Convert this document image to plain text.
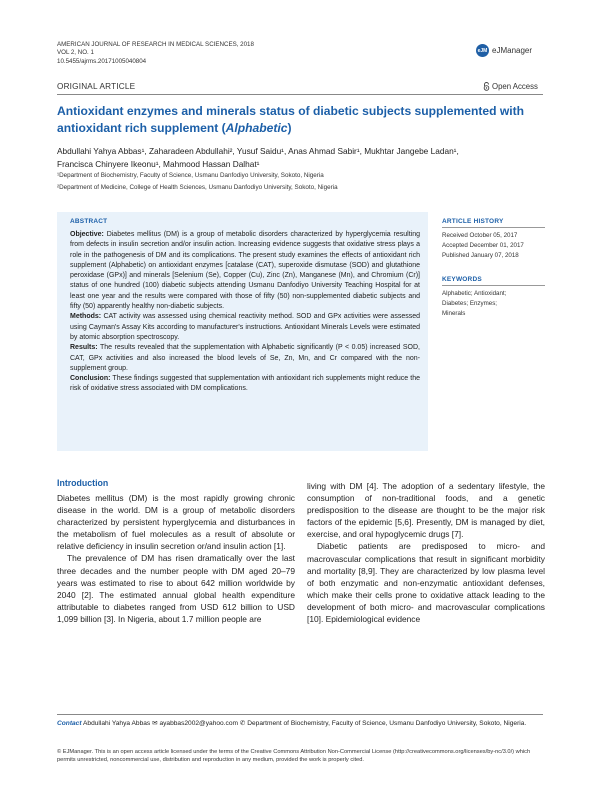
AMERICAN JOURNAL OF RESEARCH IN MEDICAL SCIENCES, 2018
VOL 2, NO. 1
10.5455/ajrms.20171005040804
eJM eJManager
ORIGINAL ARTICLE	Open Access
Antioxidant enzymes and minerals status of diabetic subjects supplemented with antioxidant rich supplement (Alphabetic)
Abdullahi Yahya Abbas¹, Zaharadeen Abdullahi², Yusuf Saidu¹, Anas Ahmad Sabir¹, Mukhtar Jangebe Ladan¹,
Francisca Chinyere Ikeonu¹, Mahmood Hassan Dalhat¹
¹Department of Biochemistry, Faculty of Science, Usmanu Danfodiyo University, Sokoto, Nigeria
²Department of Medicine, College of Health Sciences, Usmanu Danfodiyo University, Sokoto, Nigeria
ABSTRACT

Objective: Diabetes mellitus (DM) is a group of metabolic disorders characterized by hyperglycemia resulting from defects in insulin secretion and/or insulin action. Increasing evidence suggests that oxidative stress plays a role in the pathogenesis of DM and its complications. The present study examines the effects of antioxidant rich supplement (Alphabetic) on antioxidant enzymes [catalase (CAT), superoxide dismutase (SOD) and glutathione peroxidase (GPx)] and minerals [Selenium (Se), Copper (Cu), Zinc (Zn), Manganese (Mn), and Chromium (Cr)] status of one hundred (100) diabetic subjects attending Usmanu Danfodiyo University Teaching Hospital for at least one year and the results were compared with those of fifty (50) non-supplemented diabetic subjects and fifty (50) apparently healthy non-diabetic subjects.

Methods: CAT activity was assessed using chemical reactivity method. SOD and GPx activities were assessed using Cayman's Assay Kits according to manufacturer's instructions. Antioxidant Minerals Levels were estimated by atomic absorption spectroscopy.

Results: The results revealed that the supplementation with Alphabetic significantly (P < 0.05) increased SOD, CAT, GPx activities and also increased the blood levels of Se, Zn, Mn, and Cr compared with the non-supplement group.

Conclusion: These findings suggested that supplementation with antioxidant rich supplements might reduce the risk of oxidative stress associated with DM complications.

ARTICLE HISTORY
Received October 05, 2017
Accepted December 01, 2017
Published January 07, 2018
KEYWORDS
Alphabetic; Antioxidant;
Diabetes; Enzymes;
Minerals
Introduction

Diabetes mellitus (DM) is the most rapidly growing chronic disease in the world. DM is a group of metabolic disorders characterized by persistent hyperglycemia and disturbances in the metabolism of fuel molecules as a result of absolute or relative deficiency in insulin secretion or/and insulin action [1].

The prevalence of DM has risen dramatically over the last three decades and the number people with DM aged 20–79 years was estimated to rise to about 642 million worldwide by 2040 [2]. The estimated annual global health expenditure attributable to diabetes ranged from USD 612 billion to USD 1,099 billion [3]. In Nigeria, about 1.7 million people are

living with DM [4]. The adoption of a sedentary lifestyle, the consumption of non-traditional foods, and a genetic predisposition to the disease are thought to be the major risk factors of the epidemic [5,6]. Presently, DM is managed by diet, exercise, and oral hypoglycemic drugs [7].

Diabetic patients are predisposed to micro- and macrovascular complications that result in significant morbidity and mortality [8,9]. They are characterized by low plasma level of both enzymatic and non-enzymatic antioxidant defenses, which make their cells prone to oxidative attack leading to the development of both micro- and macrovascular complications [10]. Epidemiological evidence

Contact Abdullahi Yahya Abbas ✉ ayabbas2002@yahoo.com ✆ Department of Biochemistry, Faculty of Science, Usmanu Danfodiyo University, Sokoto, Nigeria.
© EJManager. This is an open access article licensed under the terms of the Creative Commons Attribution Non-Commercial License (http://creativecommons.org/licenses/by-nc/3.0/) which permits unrestricted, noncommercial use, distribution and reproduction in any medium, provided the work is properly cited.
